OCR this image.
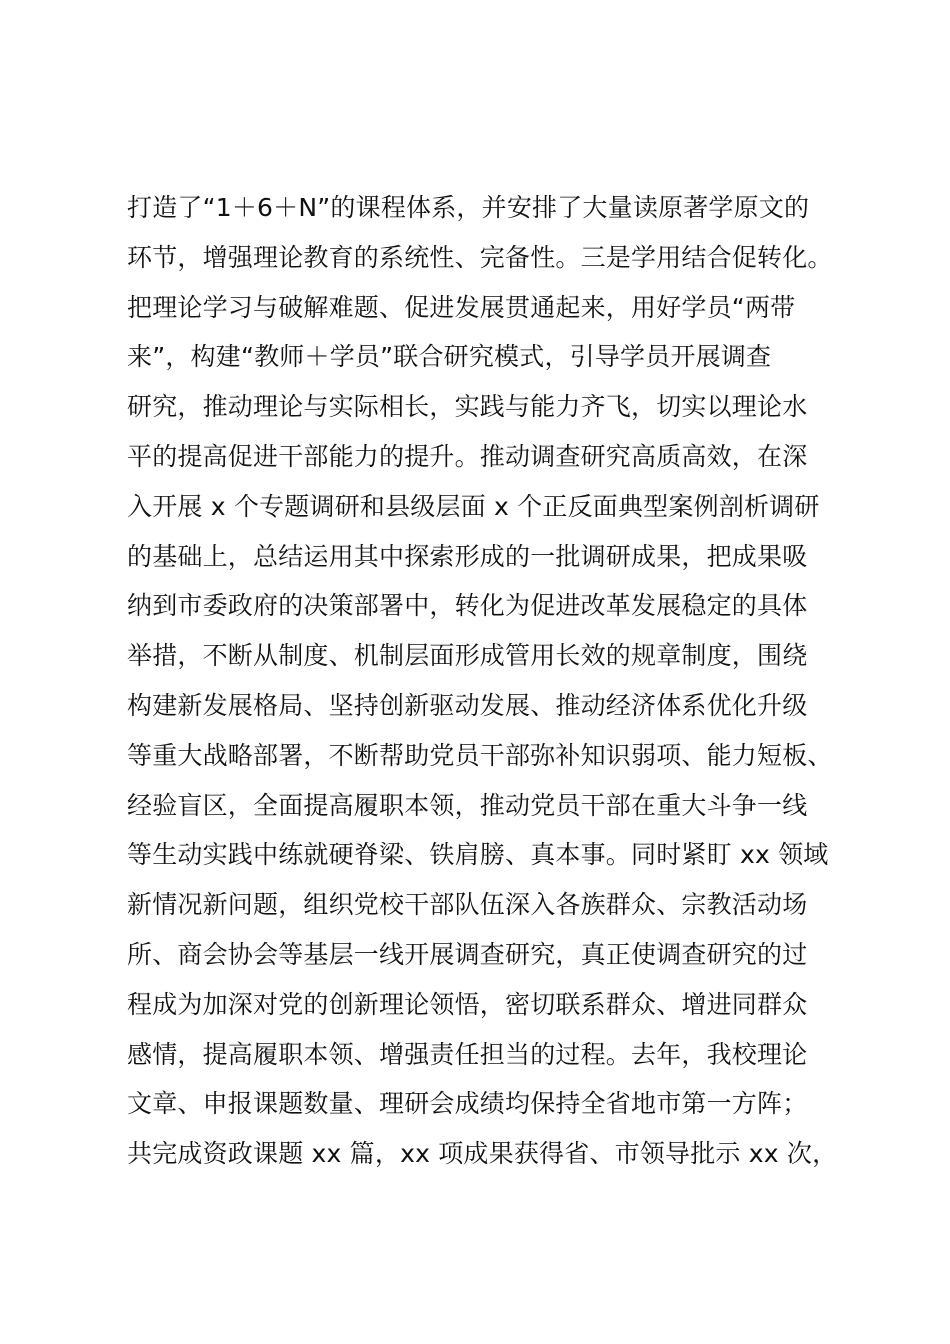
打造了“1＋6＋N”的课程体系，并安排了大量读原著学原文的
环节，增强理论教育的系统性、完备性。三是学用结合促转化。
把理论学习与破解难题、促进发展贯通起来，用好学员“两带
来”，构建“教师＋学员”联合研究模式，引导学员开展调查
研究，推动理论与实际相长，实践与能力齐飞，切实以理论水
平的提高促进干部能力的提升。推动调查研究高质高效，在深
入开展 x 个专题调研和县级层面 x 个正反面典型案例剖析调研
的基础上，总结运用其中探索形成的一批调研成果，把成果吸
纳到市委政府的决策部署中，转化为促进改革发展稳定的具体
举措，不断从制度、机制层面形成管用长效的规章制度，围绕
构建新发展格局、坚持创新驱动发展、推动经济体系优化升级
等重大战略部署，不断帮助党员干部弥补知识弱项、能力短板、
经验盲区，全面提高履职本领，推动党员干部在重大斗争一线
等生动实践中练就硬脊梁、铁肩膀、真本事。同时紧盯 xx 领域
新情况新问题，组织党校干部队伍深入各族群众、宗教活动场
所、商会协会等基层一线开展调查研究，真正使调查研究的过
程成为加深对党的创新理论领悟，密切联系群众、增进同群众
感情，提高履职本领、增强责任担当的过程。去年，我校理论
文章、申报课题数量、理研会成绩均保持全省地市第一方阵；
共完成资政课题 xx 篇，xx 项成果获得省、市领导批示 xx 次，
